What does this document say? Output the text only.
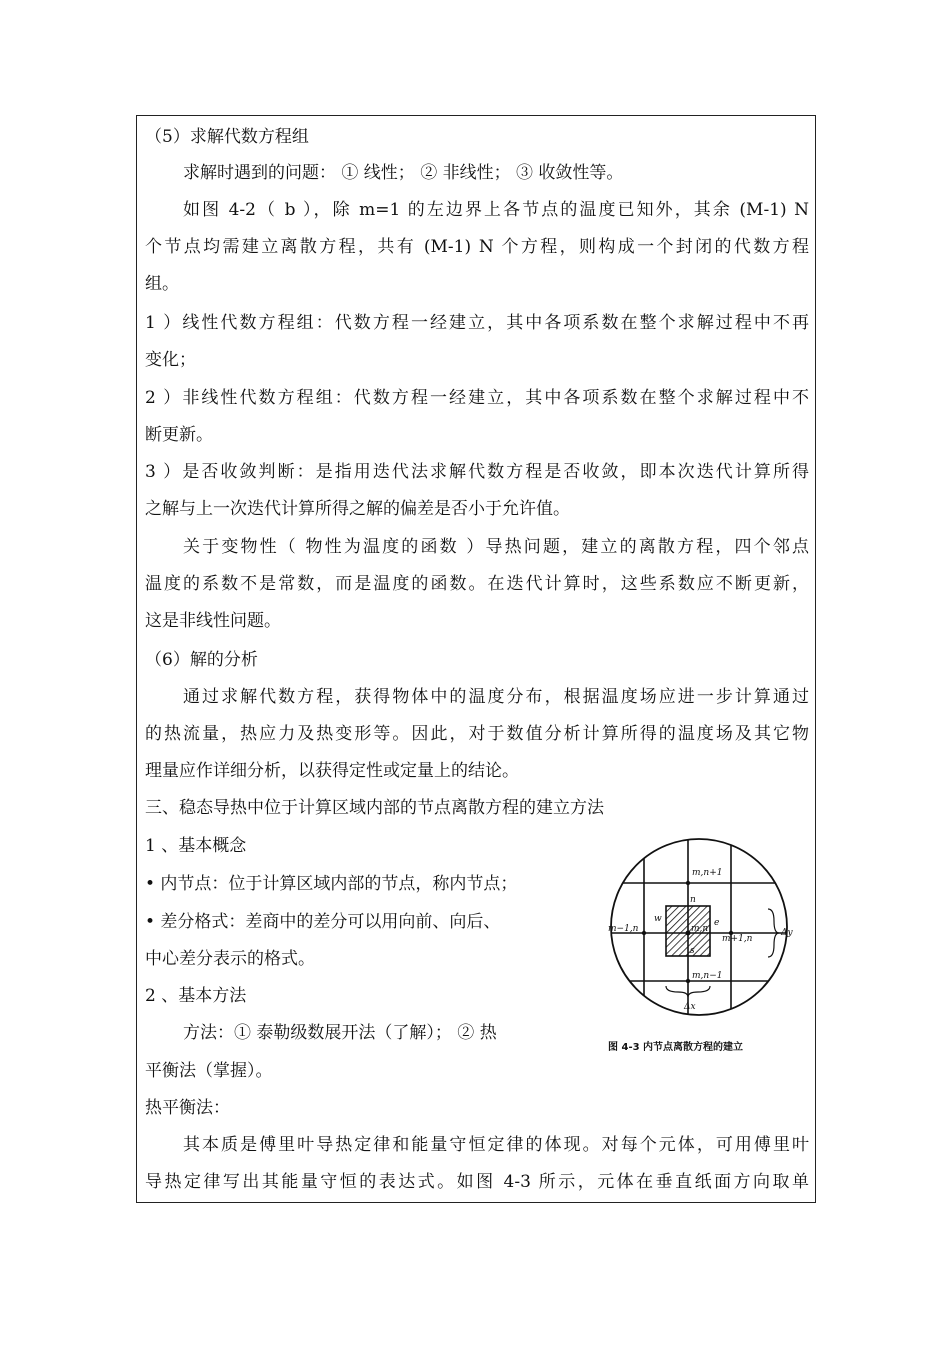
（5）求解代数方程组
求解时遇到的问题： ① 线性； ② 非线性； ③ 收敛性等。
如图 4-2（ b ），除 m=1 的左边界上各节点的温度已知外，其余 (M-1) N
个节点均需建立离散方程，共有 (M-1) N 个方程，则构成一个封闭的代数方程
组。
1 ）线性代数方程组：代数方程一经建立，其中各项系数在整个求解过程中不再
变化；
2 ）非线性代数方程组：代数方程一经建立，其中各项系数在整个求解过程中不
断更新。
3 ）是否收敛判断：是指用迭代法求解代数方程是否收敛，即本次迭代计算所得
之解与上一次迭代计算所得之解的偏差是否小于允许值。
关于变物性（ 物性为温度的函数 ）导热问题，建立的离散方程，四个邻点
温度的系数不是常数，而是温度的函数。在迭代计算时，这些系数应不断更新，
这是非线性问题。
（6）解的分析
通过求解代数方程，获得物体中的温度分布，根据温度场应进一步计算通过
的热流量，热应力及热变形等。因此，对于数值分析计算所得的温度场及其它物
理量应作详细分析，以获得定性或定量上的结论。
三、稳态导热中位于计算区域内部的节点离散方程的建立方法
1 、基本概念
• 内节点：位于计算区域内部的节点，称内节点；
• 差分格式：差商中的差分可以用向前、向后、
中心差分表示的格式。
2 、基本方法
方法：① 泰勒级数展开法（了解）； ② 热
平衡法（掌握）。
热平衡法：
其本质是傅里叶导热定律和能量守恒定律的体现。对每个元体，可用傅里叶
导热定律写出其能量守恒的表达式。如图 4-3 所示，元体在垂直纸面方向取单
m,n+1
n
w	e
m−1,n	m,n
m+1,n
s
m,n−1
Δy
Δx
图 4-3 内节点离散方程的建立
